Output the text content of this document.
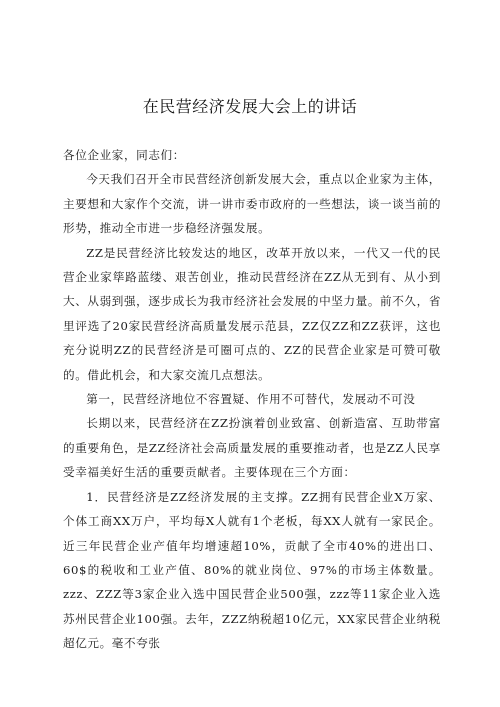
在民营经济发展大会上的讲话

各位企业家，同志们：

今天我们召开全市民营经济创新发展大会，重点以企业家为主体，主要想和大家作个交流，讲一讲市委市政府的一些想法，谈一谈当前的形势，推动全市进一步稳经济强发展。

ZZ是民营经济比较发达的地区，改革开放以来，一代又一代的民营企业家筚路蓝缕、艰苦创业，推动民营经济在ZZ从无到有、从小到大、从弱到强，逐步成长为我市经济社会发展的中坚力量。前不久，省里评选了20家民营经济高质量发展示范县，ZZ仅ZZ和ZZ获评，这也充分说明ZZ的民营经济是可圈可点的、ZZ的民营企业家是可赞可敬的。借此机会，和大家交流几点想法。

第一，民营经济地位不容置疑、作用不可替代，发展动不可没

长期以来，民营经济在ZZ扮演着创业致富、创新造富、互助带富的重要角色，是ZZ经济社会高质量发展的重要推动者，也是ZZ人民享受幸福美好生活的重要贡献者。主要体现在三个方面：

1．民营经济是ZZ经济发展的主支撑。ZZ拥有民营企业X万家、个体工商XX万户，平均每X人就有1个老板，每XX人就有一家民企。近三年民营企业产值年均增速超10%，贡献了全市40%的进出口、60$的税收和工业产值、80%的就业岗位、97%的市场主体数量。zzz、ZZZ等3家企业入选中国民营企业500强，zzz等11家企业入选苏州民营企业100强。去年，ZZZ纳税超10亿元，XX家民营企业纳税超亿元。毫不夸张
